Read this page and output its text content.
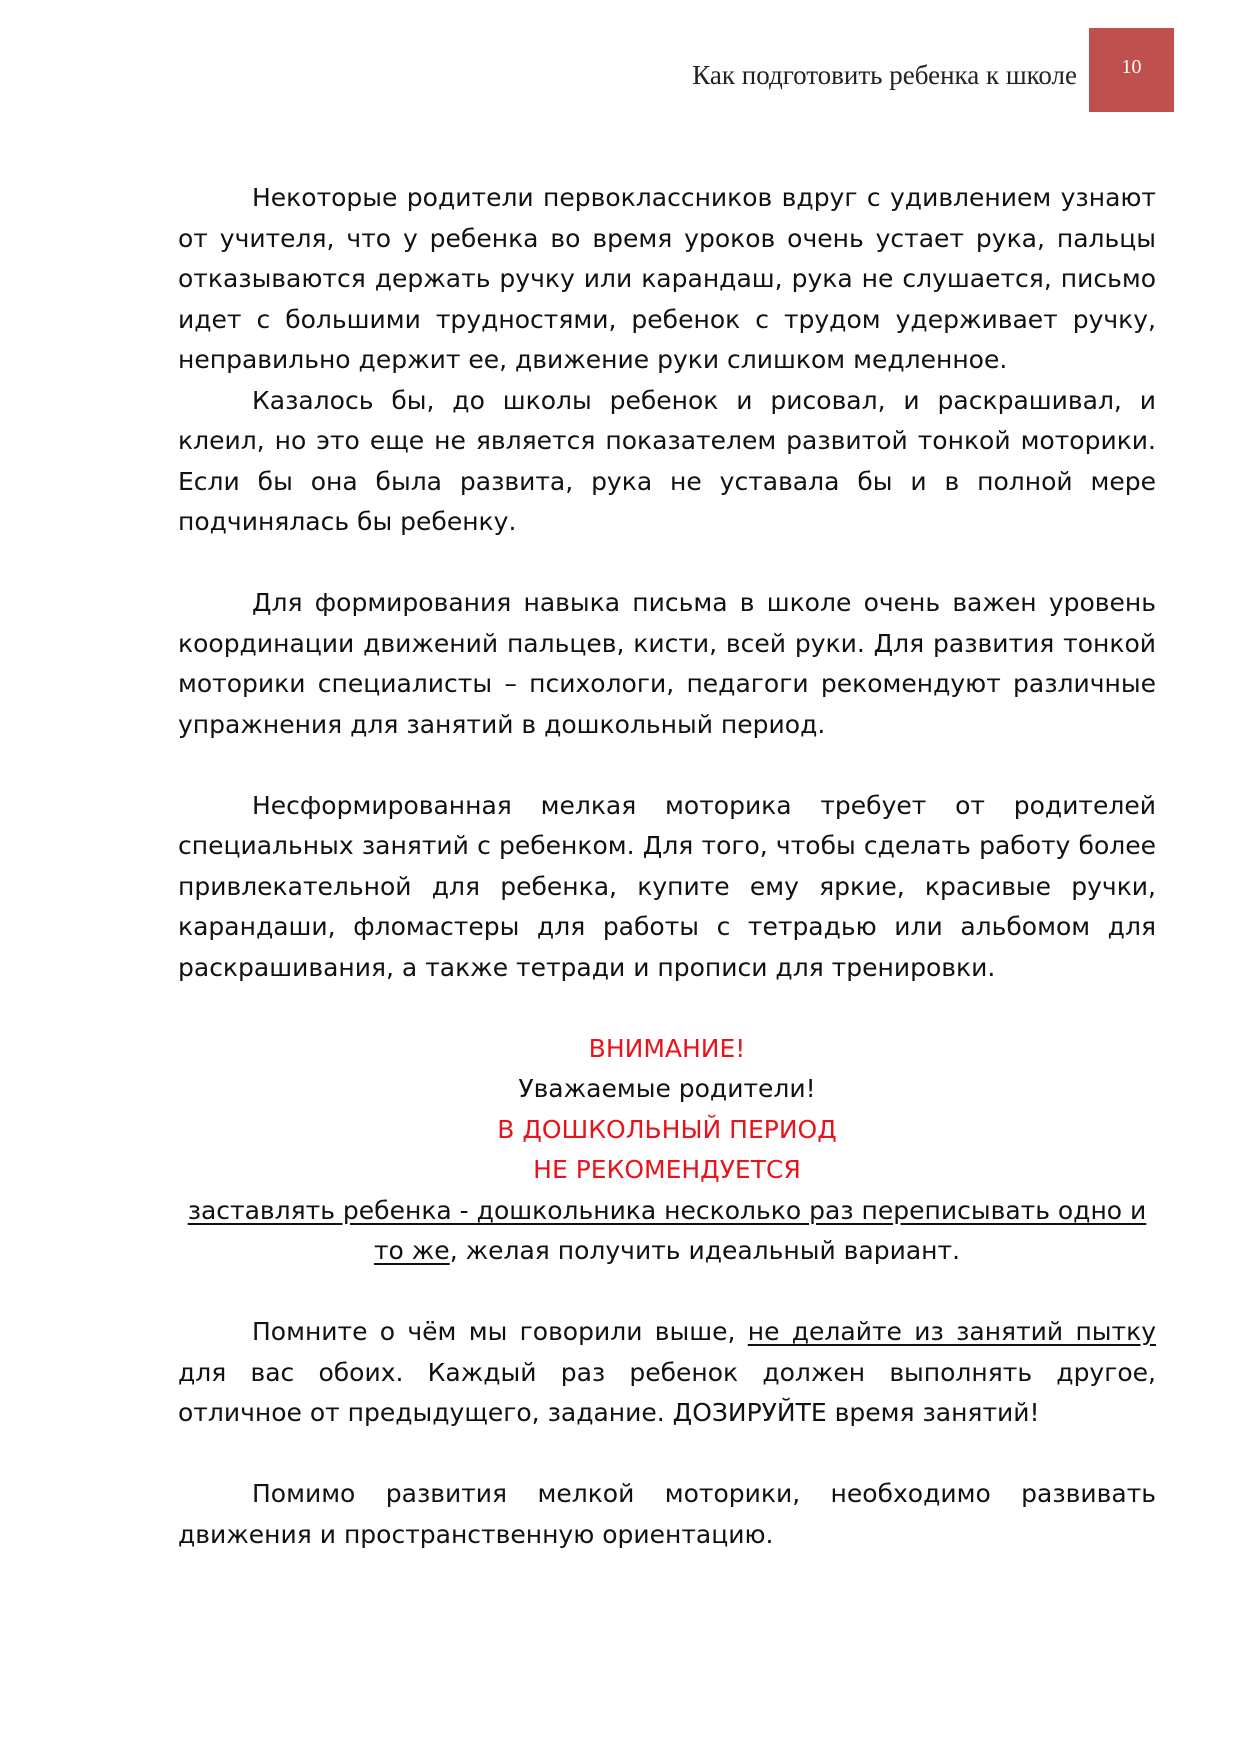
Как подготовить ребенка к школе 10

Некоторые родители первоклассников вдруг с удивлением узнают от учителя, что у ребенка во время уроков очень устает рука, пальцы отказываются держать ручку или карандаш, рука не слушается, письмо идет с большими трудностями, ребенок с трудом удерживает ручку, неправильно держит ее, движение руки слишком медленное.

Казалось бы, до школы ребенок и рисовал, и раскрашивал, и клеил, но это еще не является показателем развитой тонкой моторики. Если бы она была развита, рука не уставала бы и в полной мере подчинялась бы ребенку.

Для формирования навыка письма в школе очень важен уровень координации движений пальцев, кисти, всей руки. Для развития тонкой моторики специалисты – психологи, педагоги рекомендуют различные упражнения для занятий в дошкольный период.

Несформированная мелкая моторика требует от родителей специальных занятий с ребенком. Для того, чтобы сделать работу более привлекательной для ребенка, купите ему яркие, красивые ручки, карандаши, фломастеры для работы с тетрадью или альбомом для раскрашивания, а также тетради и прописи для тренировки.

ВНИМАНИЕ!

Уважаемые родители!

В ДОШКОЛЬНЫЙ ПЕРИОД

НЕ РЕКОМЕНДУЕТСЯ

заставлять ребенка - дошкольника несколько раз переписывать одно и

то же, желая получить идеальный вариант.

Помните о чём мы говорили выше, не делайте из занятий пытку для вас обоих. Каждый раз ребенок должен выполнять другое, отличное от предыдущего, задание. ДОЗИРУЙТЕ время занятий!

Помимо развития мелкой моторики, необходимо развивать движения и пространственную ориентацию.
